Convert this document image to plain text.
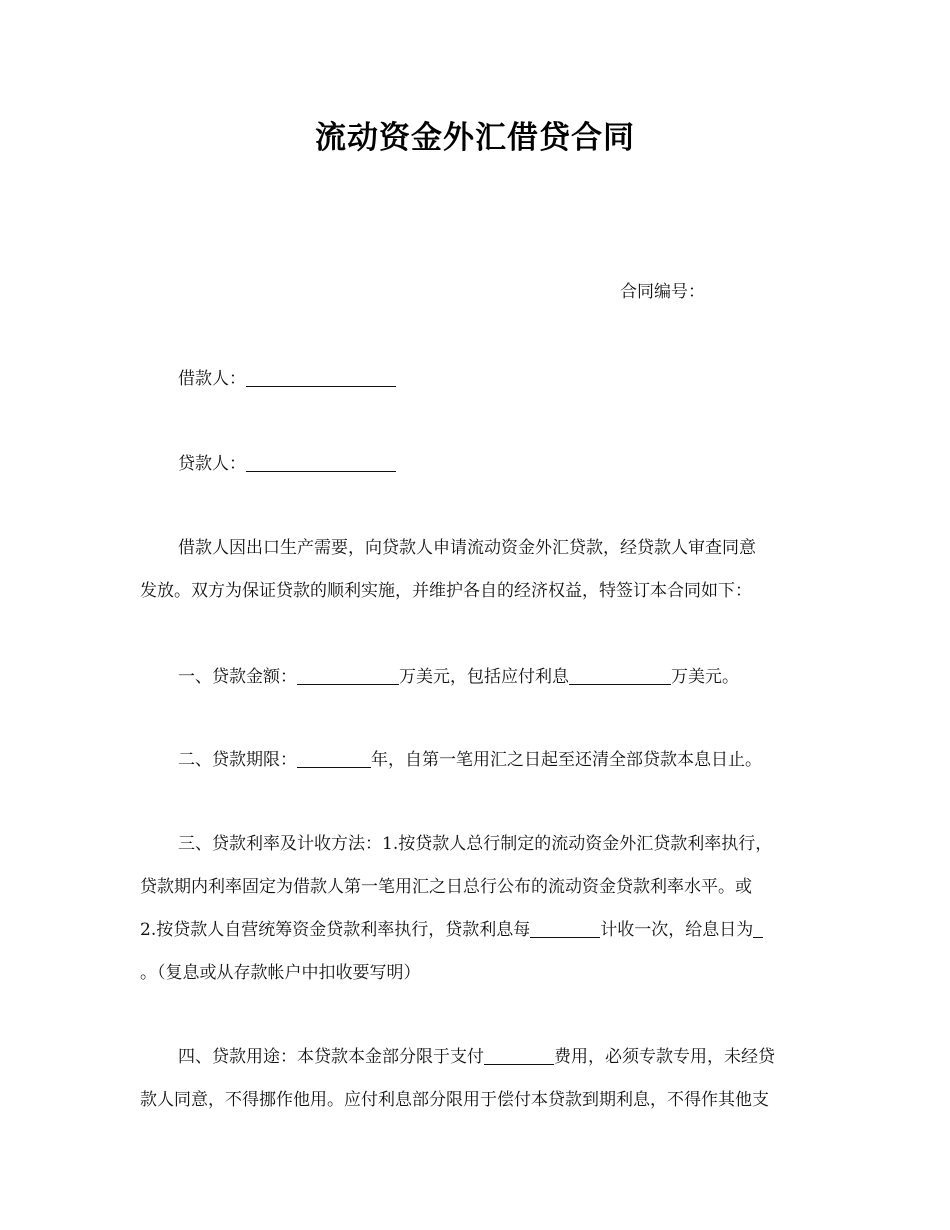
流动资金外汇借贷合同
合同编号：
借款人：
贷款人：
借款人因出口生产需要，向贷款人申请流动资金外汇贷款，经贷款人审查同意
发放。双方为保证贷款的顺利实施，并维护各自的经济权益，特签订本合同如下：
一、贷款金额：	万美元，包括应付利息	万美元。
二、贷款期限：	年，自第一笔用汇之日起至还清全部贷款本息日止。
三、贷款利率及计收方法：1.按贷款人总行制定的流动资金外汇贷款利率执行，
贷款期内利率固定为借款人第一笔用汇之日总行公布的流动资金贷款利率水平。或
2.按贷款人自营统筹资金贷款利率执行，贷款利息每	计收一次，给息日为
。（复息或从存款帐户中扣收要写明）
四、贷款用途：本贷款本金部分限于支付	费用，必须专款专用，未经贷
款人同意，不得挪作他用。应付利息部分限用于偿付本贷款到期利息，不得作其他支
